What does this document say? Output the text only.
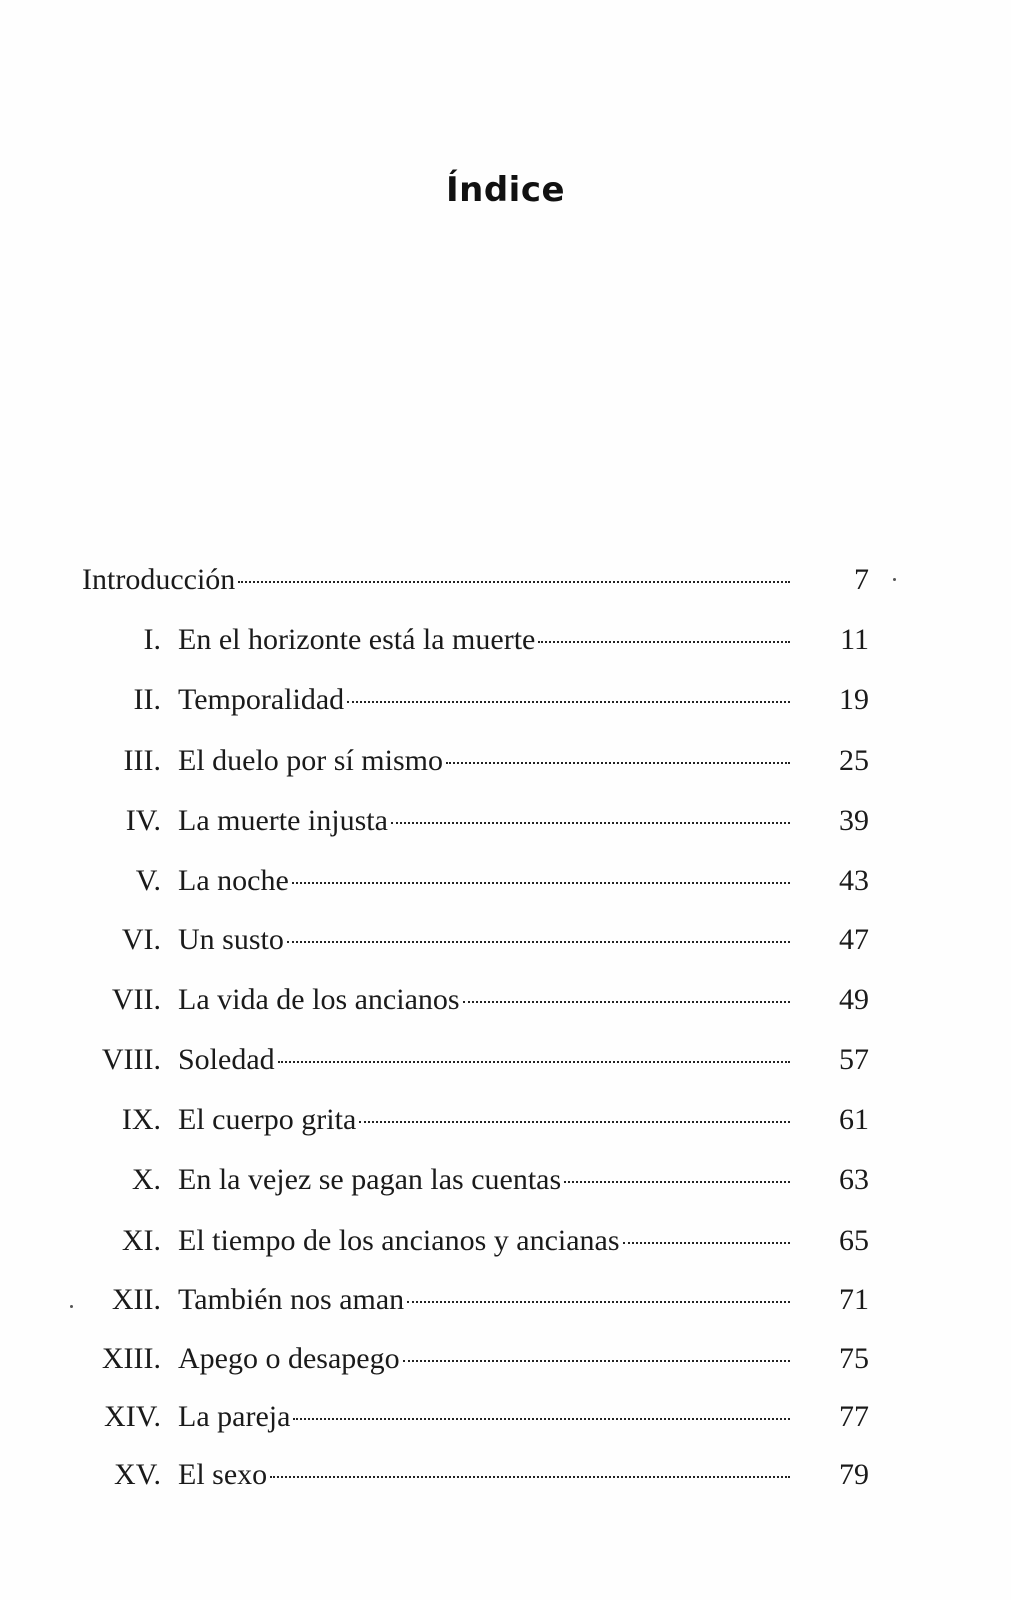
Índice
Introducción	7
I. En el horizonte está la muerte	11
II. Temporalidad	19
III. El duelo por sí mismo	25
IV. La muerte injusta	39
V. La noche	43
VI. Un susto	47
VII. La vida de los ancianos	49
VIII. Soledad	57
IX. El cuerpo grita	61
X. En la vejez se pagan las cuentas	63
XI. El tiempo de los ancianos y ancianas	65
XII. También nos aman	71
XIII. Apego o desapego	75
XIV. La pareja	77
XV. El sexo	79
